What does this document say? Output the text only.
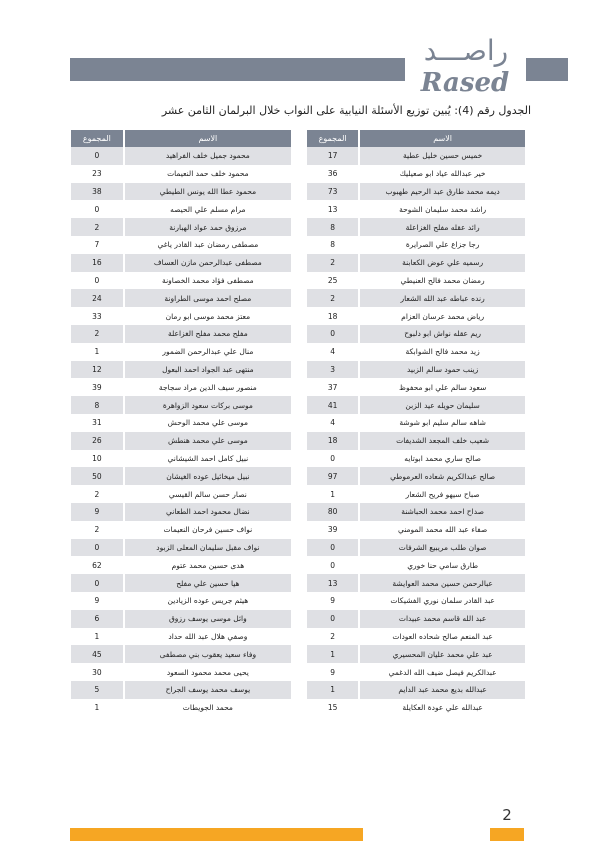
راصـــد
Rased
الجدول رقم (4): يُبين توزيع الأسئلة النيابية على النواب خلال البرلمان الثامن عشر
الاسم	المجموع
خميس حسين خليل عطية	17
خير عبدالله عياد ابو صعيليك	36
ديمه محمد طارق عبد الرحيم طهبوب	73
راشد محمد سليمان الشوحة	13
رائد عقله مفلح الغزاعلة	8
رجا جزاع علي الصرايرة	8
رسميه علي عوض الكعابنة	2
رمضان محمد فالح العنيطي	25
رنده عباطه عبد الله الشعار	2
رياض محمد عرسان العزام	18
ريم عقله نواش ابو دلبوح	0
زيد محمد فالح الشوابكة	4
زينب حمود سالم الزبيد	3
سعود سالم علي ابو محفوظ	37
سليمان حويله عيد الزبن	41
شاهه سالم سليم ابو شوشة	4
شعيب خلف المجعد الشديفات	18
صالح ساري محمد ابوتايه	0
صالح عبدالكريم شعاده العرموطي	97
صباح سيهو فريح الشعار	1
صداح احمد محمد الحباشنة	80
صفاء عبد الله محمد المومني	39
صوان طلب مريبيع الشرفات	0
طارق سامي حنا خوري	0
عبالرحمن حسين محمد العوايشة	13
عبد القادر سلمان نوري الفشيكات	9
عبد الله قاسم محمد عبيدات	0
عبد المنعم صالح شحاده العودات	2
عبد علي محمد عليان المحسيري	1
عبدالكريم فيصل ضيف الله الدغمي	9
عبدالله بديع محمد عبد الدايم	1
عبدالله علي عودة العكايلة	15
الاسم	المجموع
محمود جميل خلف الفراهيد	0
محمود خلف حمد النعيمات	23
محمود عطا الله يونس الطيطي	38
مرام مسلم علي الحيصه	0
مرزوق حمد عواد الهبارنة	2
مصطفى رمضان عبد القادر ياغي	7
مصطفى عبدالرحمن مازن العساف	16
مصطفى فؤاد محمد الخصاونة	0
مصلح احمد موسى الطراونة	24
معتز محمد موسى ابو رمان	33
مفلح محمد مفلح الغزاعلة	2
منال علي عبدالرحمن الضمور	1
منتهى عبد الجواد احمد البعول	12
منصور سيف الدين مراد سجاجة	39
موسى بركات سعود الزواهرة	8
موسى علي محمد الوحش	31
موسى علي محمد هنطش	26
نبيل كامل احمد الشيشاني	10
نبيل ميخائيل عوده الغيشان	50
نصار حسن سالم القيسي	2
نضال محمود احمد الطعاني	9
نواف حسين فرحان النعيمات	2
نواف مقبل سليمان المعلى الزبود	0
هدى حسين محمد عتوم	62
هيا حسين علي مفلح	0
هيثم جريس عوده الزيادين	9
وائل موسى يوسف رزوق	6
وصفي هلال عبد الله حداد	1
وفاء سعيد يعقوب بني مصطفى	45
يحيى محمد محمود السعود	30
يوسف محمد يوسف الجراح	5
محمد الجويطات	1
2
